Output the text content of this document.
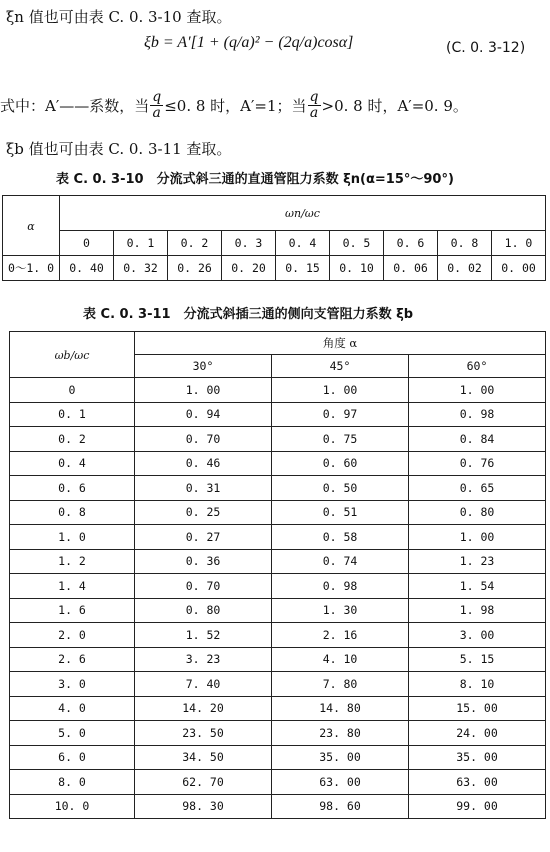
ξn 值也可由表 C. 0. 3-10 查取。
ξb = A′[1 + (q/a)² − (2q/a)cosα]	(C. 0. 3-12)
式中：A′——系数，当 $\frac{q}{a} \le 0$. 8 时，A′=1；当 $\frac{q}{a} >0$. 8 时，A′=0. 9。
ξb 值也可由表 C. 0. 3-11 查取。
表 C. 0. 3-10　分流式斜三通的直通管阻力系数 ξn(α=15°～90°)
α	ωn/ωc								
	0	0. 1	0. 2	0. 3	0. 4	0. 5	0. 6	0. 8	1. 0
0～1. 0	0. 40	0. 32	0. 26	0. 20	0. 15	0. 10	0. 06	0. 02	0. 00
表 C. 0. 3-11　分流式斜插三通的侧向支管阻力系数 ξb
ωb/ωc	角度 α		
	30°	45°	60°
0	1. 00	1. 00	1. 00
0. 1	0. 94	0. 97	0. 98
0. 2	0. 70	0. 75	0. 84
0. 4	0. 46	0. 60	0. 76
0. 6	0. 31	0. 50	0. 65
0. 8	0. 25	0. 51	0. 80
1. 0	0. 27	0. 58	1. 00
1. 2	0. 36	0. 74	1. 23
1. 4	0. 70	0. 98	1. 54
1. 6	0. 80	1. 30	1. 98
2. 0	1. 52	2. 16	3. 00
2. 6	3. 23	4. 10	5. 15
3. 0	7. 40	7. 80	8. 10
4. 0	14. 20	14. 80	15. 00
5. 0	23. 50	23. 80	24. 00
6. 0	34. 50	35. 00	35. 00
8. 0	62. 70	63. 00	63. 00
10. 0	98. 30	98. 60	99. 00
